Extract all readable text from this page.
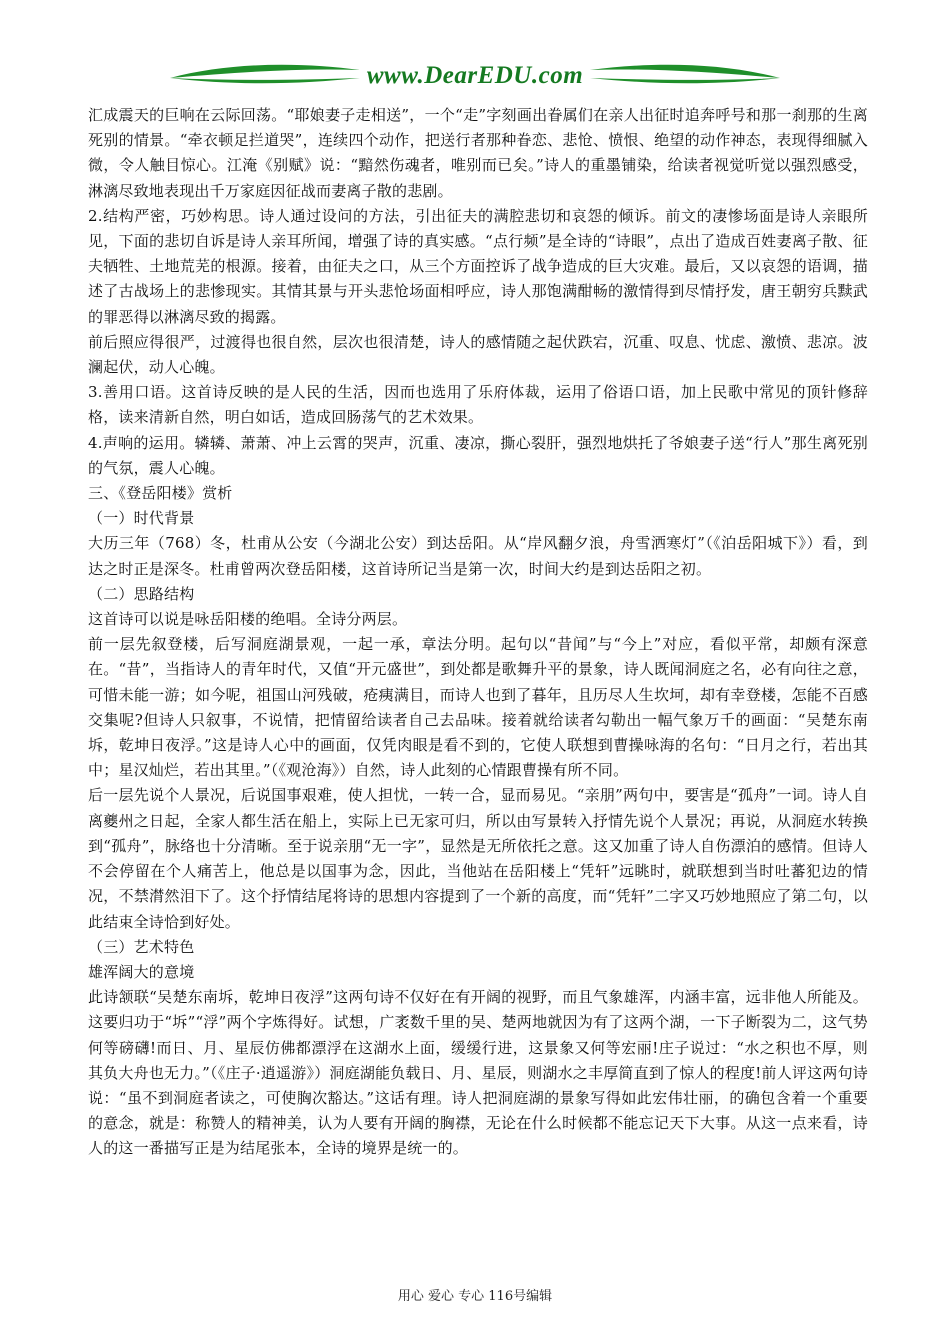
www.DearEDU.com

汇成震天的巨响在云际回荡。“耶娘妻子走相送”，一个“走”字刻画出眷属们在亲人出征时追奔呼号和那一刹那的生离死别的情景。“牵衣顿足拦道哭”，连续四个动作，把送行者那种眷恋、悲怆、愤恨、绝望的动作神态，表现得细腻入微，令人触目惊心。江淹《别赋》说：“黯然伤魂者，唯别而已矣。”诗人的重墨铺染，给读者视觉听觉以强烈感受，淋漓尽致地表现出千万家庭因征战而妻离子散的悲剧。

2.结构严密，巧妙构思。诗人通过设问的方法，引出征夫的满腔悲切和哀怨的倾诉。前文的凄惨场面是诗人亲眼所见，下面的悲切自诉是诗人亲耳所闻，增强了诗的真实感。“点行频”是全诗的“诗眼”，点出了造成百姓妻离子散、征夫牺牲、土地荒芜的根源。接着，由征夫之口，从三个方面控诉了战争造成的巨大灾难。最后，又以哀怨的语调，描述了古战场上的悲惨现实。其情其景与开头悲怆场面相呼应，诗人那饱满酣畅的激情得到尽情抒发，唐王朝穷兵黩武的罪恶得以淋漓尽致的揭露。

前后照应得很严，过渡得也很自然，层次也很清楚，诗人的感情随之起伏跌宕，沉重、叹息、忧虑、激愤、悲凉。波澜起伏，动人心魄。

3.善用口语。这首诗反映的是人民的生活，因而也选用了乐府体裁，运用了俗语口语，加上民歌中常见的顶针修辞格，读来清新自然，明白如话，造成回肠荡气的艺术效果。

4.声响的运用。辚辚、萧萧、冲上云霄的哭声，沉重、凄凉，撕心裂肝，强烈地烘托了爷娘妻子送“行人”那生离死别的气氛，震人心魄。

三、《登岳阳楼》赏析

（一）时代背景

大历三年（768）冬，杜甫从公安（今湖北公安）到达岳阳。从“岸风翻夕浪，舟雪洒寒灯”（《泊岳阳城下》）看，到达之时正是深冬。杜甫曾两次登岳阳楼，这首诗所记当是第一次，时间大约是到达岳阳之初。

（二）思路结构

这首诗可以说是咏岳阳楼的绝唱。全诗分两层。

前一层先叙登楼，后写洞庭湖景观，一起一承，章法分明。起句以“昔闻”与“今上”对应，看似平常，却颇有深意在。“昔”，当指诗人的青年时代，又值“开元盛世”，到处都是歌舞升平的景象，诗人既闻洞庭之名，必有向往之意，可惜未能一游；如今呢，祖国山河残破，疮痍满目，而诗人也到了暮年，且历尽人生坎坷，却有幸登楼，怎能不百感交集呢?但诗人只叙事，不说情，把情留给读者自己去品味。接着就给读者勾勒出一幅气象万千的画面：“吴楚东南坼，乾坤日夜浮。”这是诗人心中的画面，仅凭肉眼是看不到的，它使人联想到曹操咏海的名句：“日月之行，若出其中；星汉灿烂，若出其里。”（《观沧海》）自然，诗人此刻的心情跟曹操有所不同。

后一层先说个人景况，后说国事艰难，使人担忧，一转一合，显而易见。“亲朋”两句中，要害是“孤舟”一词。诗人自离夔州之日起，全家人都生活在船上，实际上已无家可归，所以由写景转入抒情先说个人景况；再说，从洞庭水转换到“孤舟”，脉络也十分清晰。至于说亲朋“无一字”，显然是无所依托之意。这又加重了诗人自伤漂泊的感情。但诗人不会停留在个人痛苦上，他总是以国事为念，因此，当他站在岳阳楼上“凭轩”远眺时，就联想到当时吐蕃犯边的情况，不禁潸然泪下了。这个抒情结尾将诗的思想内容提到了一个新的高度，而“凭轩”二字又巧妙地照应了第二句，以此结束全诗恰到好处。

（三）艺术特色

雄浑阔大的意境

此诗颔联“吴楚东南坼，乾坤日夜浮”这两句诗不仅好在有开阔的视野，而且气象雄浑，内涵丰富，远非他人所能及。这要归功于“坼”“浮”两个字炼得好。试想，广袤数千里的吴、楚两地就因为有了这两个湖，一下子断裂为二，这气势何等磅礴!而日、月、星辰仿佛都漂浮在这湖水上面，缓缓行进，这景象又何等宏丽!庄子说过：“水之积也不厚，则其负大舟也无力。”（《庄子·逍遥游》）洞庭湖能负载日、月、星辰，则湖水之丰厚简直到了惊人的程度!前人评这两句诗说：“虽不到洞庭者读之，可使胸次豁达。”这话有理。诗人把洞庭湖的景象写得如此宏伟壮丽，的确包含着一个重要的意念，就是：称赞人的精神美，认为人要有开阔的胸襟，无论在什么时候都不能忘记天下大事。从这一点来看，诗人的这一番描写正是为结尾张本，全诗的境界是统一的。

用心 爱心 专心 116号编辑
